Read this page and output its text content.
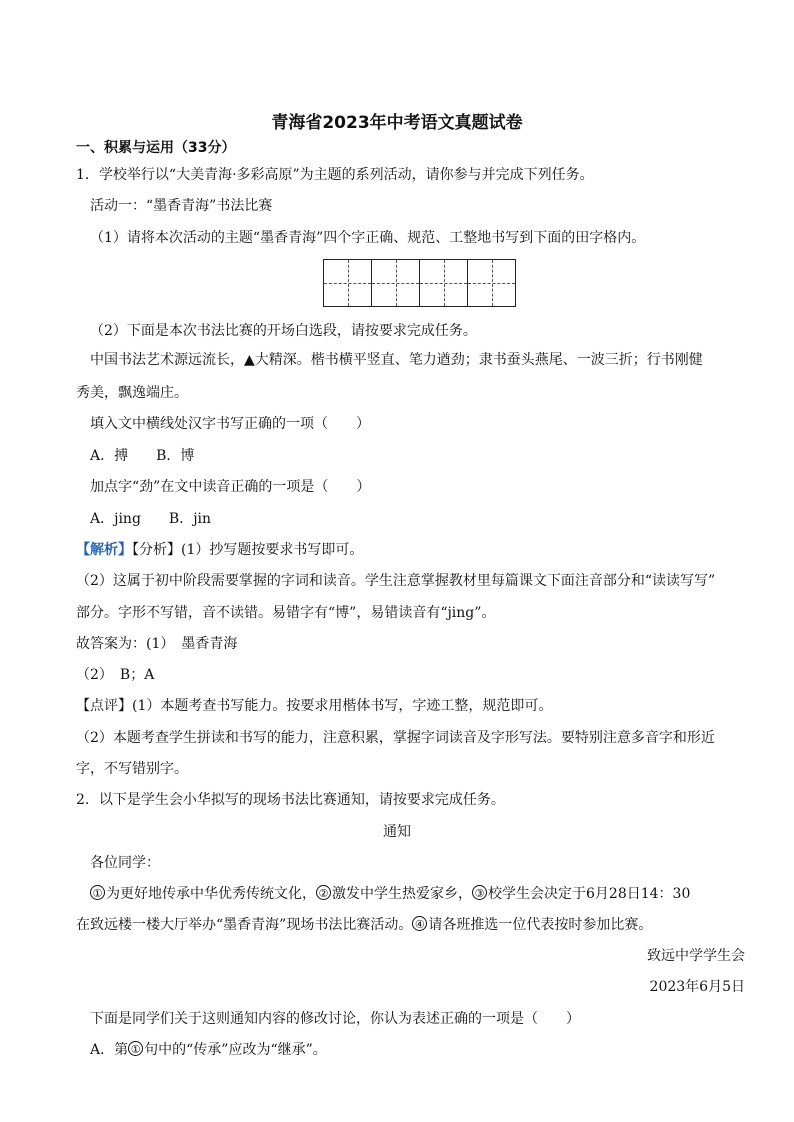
青海省2023年中考语文真题试卷
一、积累与运用（33分）
1．学校举行以“大美青海·多彩高原”为主题的系列活动，请你参与并完成下列任务。
活动一：“墨香青海”书法比赛
（1）请将本次活动的主题“墨香青海”四个字正确、规范、工整地书写到下面的田字格内。
（2）下面是本次书法比赛的开场白选段，请按要求完成任务。
中国书法艺术源远流长，▲大精深。楷书横平竖直、笔力遒劲；隶书蚕头燕尾、一波三折；行书刚健
秀美，飘逸端庄。
填入文中横线处汉字书写正确的一项（　　）
A．搏　　B．博
加点字“劲”在文中读音正确的一项是（　　）
A．jing　　B．jin
【解析】【分析】(1）抄写题按要求书写即可。
（2）这属于初中阶段需要掌握的字词和读音。学生注意掌握教材里每篇课文下面注音部分和“读读写写”
部分。字形不写错，音不读错。易错字有“博”，易错读音有“jing”。
故答案为：(1）　墨香青海
（2）　B；A
【点评】(1）本题考查书写能力。按要求用楷体书写，字迹工整，规范即可。
（2）本题考查学生拼读和书写的能力，注意积累，掌握字词读音及字形写法。要特别注意多音字和形近
字，不写错别字。
2．以下是学生会小华拟写的现场书法比赛通知，请按要求完成任务。
通知
各位同学：
① 为更好地传承中华优秀传统文化， ② 激发中学生热爱家乡， ③ 校学生会决定于6月28日14：30
在致远楼一楼大厅举办“墨香青海”现场书法比赛活动。 ④ 请各班推选一位代表按时参加比赛。
致远中学学生会
2023年6月5日
下面是同学们关于这则通知内容的修改讨论，你认为表述正确的一项是（　　）
A．第 ① 句中的“传承”应改为“继承”。
